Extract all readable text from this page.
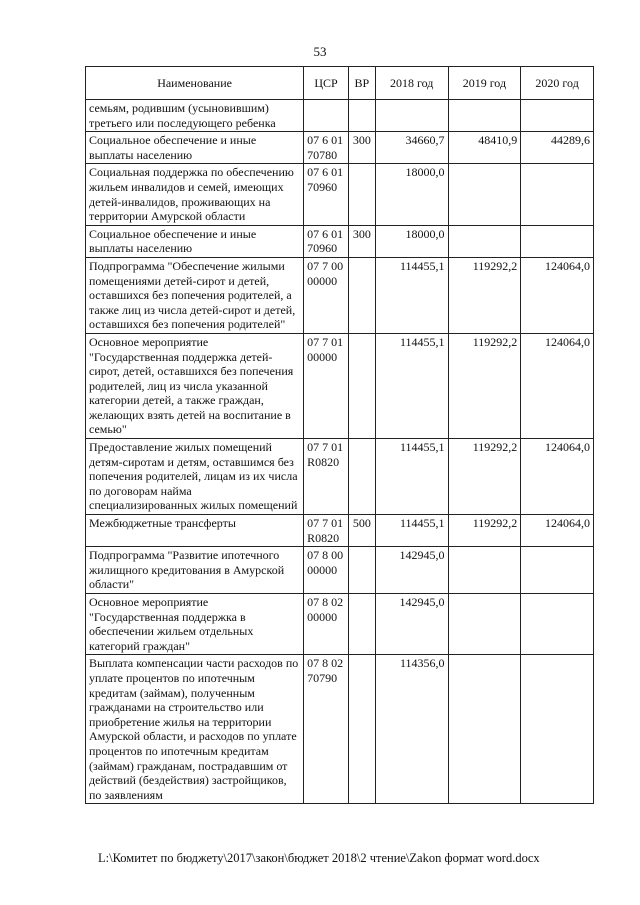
53
Наименование	ЦСР	ВР	2018 год	2019 год	2020 год
семьям, родившим (усыновившим) третьего или последующего ребенка					
Социальное обеспечение и иные выплаты населению	07 6 01 70780	300	34660,7	48410,9	44289,6
Социальная поддержка по обеспечению жильем инвалидов и семей, имеющих детей-инвалидов, проживающих на территории Амурской области	07 6 01 70960		18000,0		
Социальное обеспечение и иные выплаты населению	07 6 01 70960	300	18000,0		
Подпрограмма "Обеспечение жилыми помещениями детей-сирот и детей, оставшихся без попечения родителей, а также лиц из числа детей-сирот и детей, оставшихся без попечения родителей"	07 7 00 00000		114455,1	119292,2	124064,0
Основное мероприятие "Государственная поддержка детей-сирот, детей, оставшихся без попечения родителей, лиц из числа указанной категории детей, а также граждан, желающих взять детей на воспитание в семью"	07 7 01 00000		114455,1	119292,2	124064,0
Предоставление жилых помещений детям-сиротам и детям, оставшимся без попечения родителей, лицам из их числа по договорам найма специализированных жилых помещений	07 7 01 R0820		114455,1	119292,2	124064,0
Межбюджетные трансферты	07 7 01 R0820	500	114455,1	119292,2	124064,0
Подпрограмма "Развитие ипотечного жилищного кредитования в Амурской области"	07 8 00 00000		142945,0		
Основное мероприятие "Государственная поддержка в обеспечении жильем отдельных категорий граждан"	07 8 02 00000		142945,0		
Выплата компенсации части расходов по уплате процентов по ипотечным кредитам (займам), полученным гражданами на строительство или приобретение жилья на территории Амурской области, и расходов по уплате процентов по ипотечным кредитам (займам) гражданам, пострадавшим от действий (бездействия) застройщиков, по заявлениям	07 8 02 70790		114356,0		
L:\Комитет по бюджету\2017\закон\бюджет 2018\2 чтение\Zakon формат word.docx
